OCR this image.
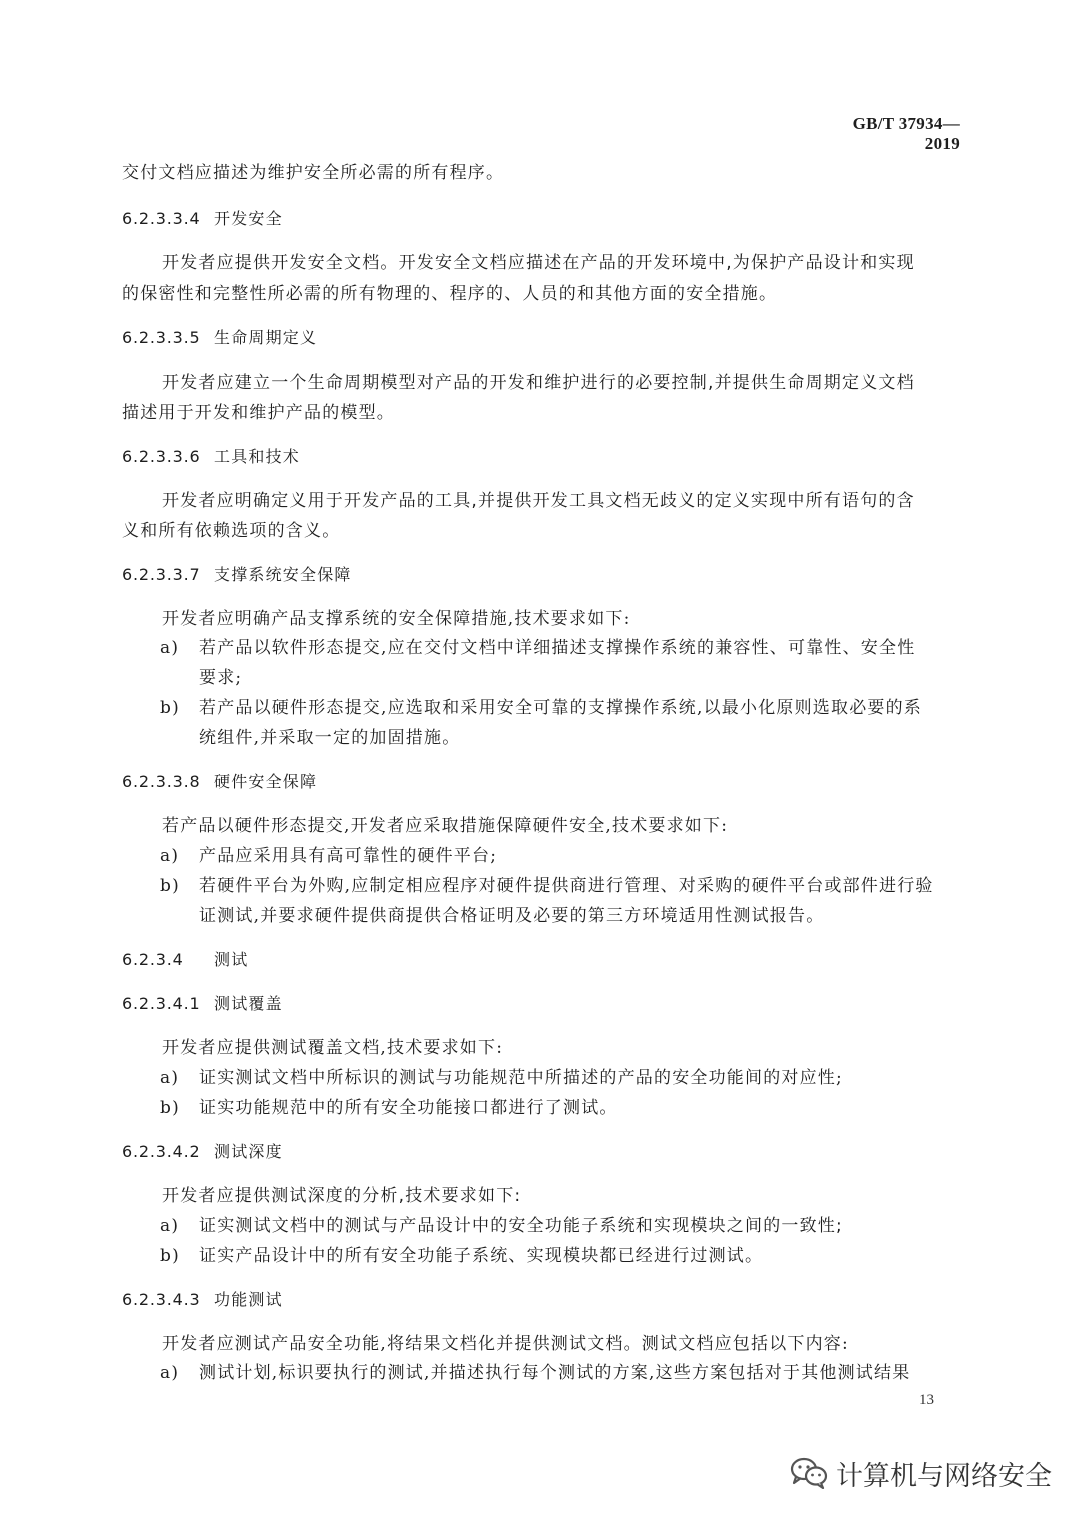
GB/T 37934—2019
交付文档应描述为维护安全所必需的所有程序。
6.2.3.3.4 开发安全
开发者应提供开发安全文档。开发安全文档应描述在产品的开发环境中,为保护产品设计和实现
的保密性和完整性所必需的所有物理的、程序的、人员的和其他方面的安全措施。
6.2.3.3.5 生命周期定义
开发者应建立一个生命周期模型对产品的开发和维护进行的必要控制,并提供生命周期定义文档
描述用于开发和维护产品的模型。
6.2.3.3.6 工具和技术
开发者应明确定义用于开发产品的工具,并提供开发工具文档无歧义的定义实现中所有语句的含
义和所有依赖选项的含义。
6.2.3.3.7 支撑系统安全保障
开发者应明确产品支撑系统的安全保障措施,技术要求如下:
a) 若产品以软件形态提交,应在交付文档中详细描述支撑操作系统的兼容性、可靠性、安全性
要求;
b) 若产品以硬件形态提交,应选取和采用安全可靠的支撑操作系统,以最小化原则选取必要的系
统组件,并采取一定的加固措施。
6.2.3.3.8 硬件安全保障
若产品以硬件形态提交,开发者应采取措施保障硬件安全,技术要求如下:
a) 产品应采用具有高可靠性的硬件平台;
b) 若硬件平台为外购,应制定相应程序对硬件提供商进行管理、对采购的硬件平台或部件进行验
证测试,并要求硬件提供商提供合格证明及必要的第三方环境适用性测试报告。
6.2.3.4 测试
6.2.3.4.1 测试覆盖
开发者应提供测试覆盖文档,技术要求如下:
a) 证实测试文档中所标识的测试与功能规范中所描述的产品的安全功能间的对应性;
b) 证实功能规范中的所有安全功能接口都进行了测试。
6.2.3.4.2 测试深度
开发者应提供测试深度的分析,技术要求如下:
a) 证实测试文档中的测试与产品设计中的安全功能子系统和实现模块之间的一致性;
b) 证实产品设计中的所有安全功能子系统、实现模块都已经进行过测试。
6.2.3.4.3 功能测试
开发者应测试产品安全功能,将结果文档化并提供测试文档。测试文档应包括以下内容:
a) 测试计划,标识要执行的测试,并描述执行每个测试的方案,这些方案包括对于其他测试结果
13
计算机与网络安全
